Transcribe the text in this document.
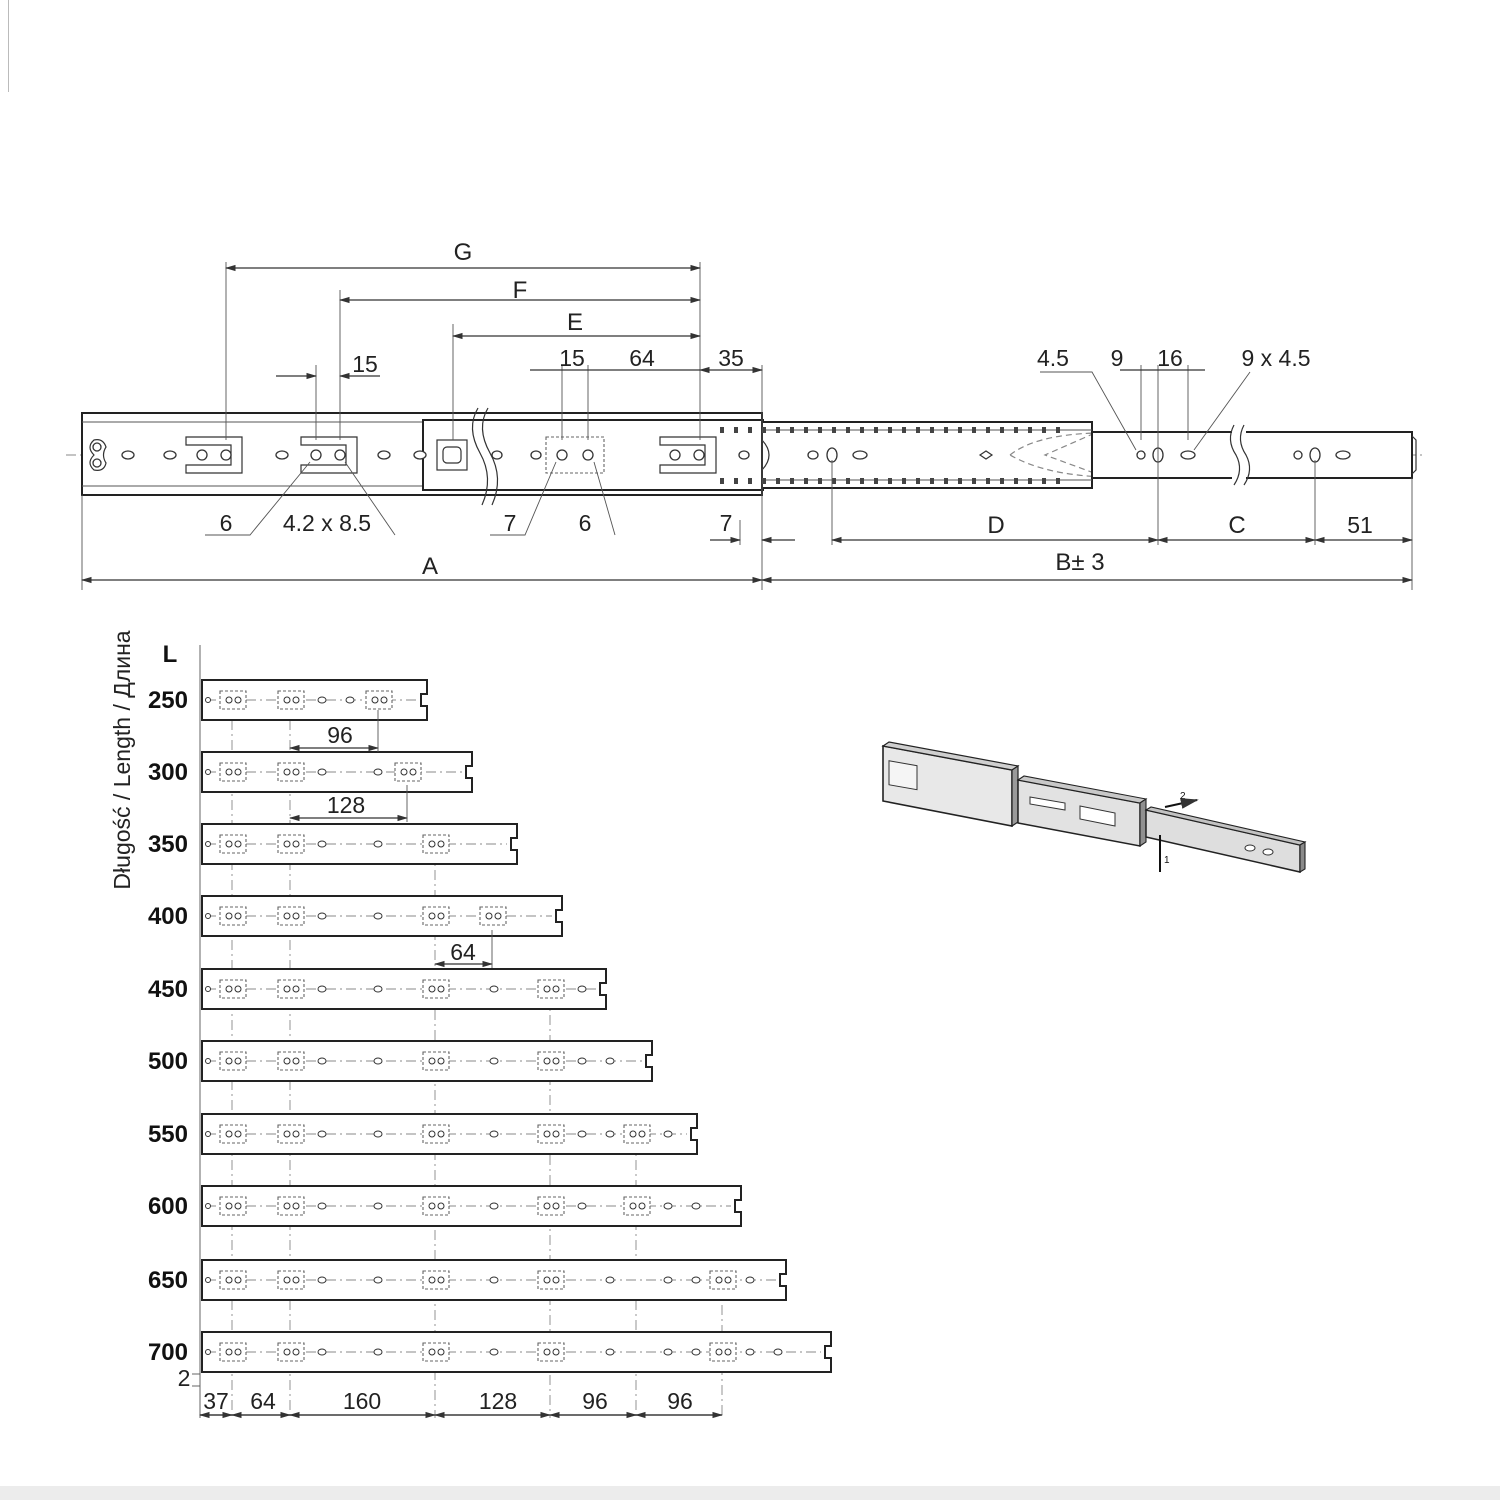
G
F
E
15	15 64	35	4.5 9 16	9 x 4.5
6 4.2 x 8.5	7	6	7	D	C	51
A	B± 3
L
Długość / Length / Длина 250
300
350
400
450
500
550
600
650
700
96
128
64
2
37 64	160	128	96	96
1
2
